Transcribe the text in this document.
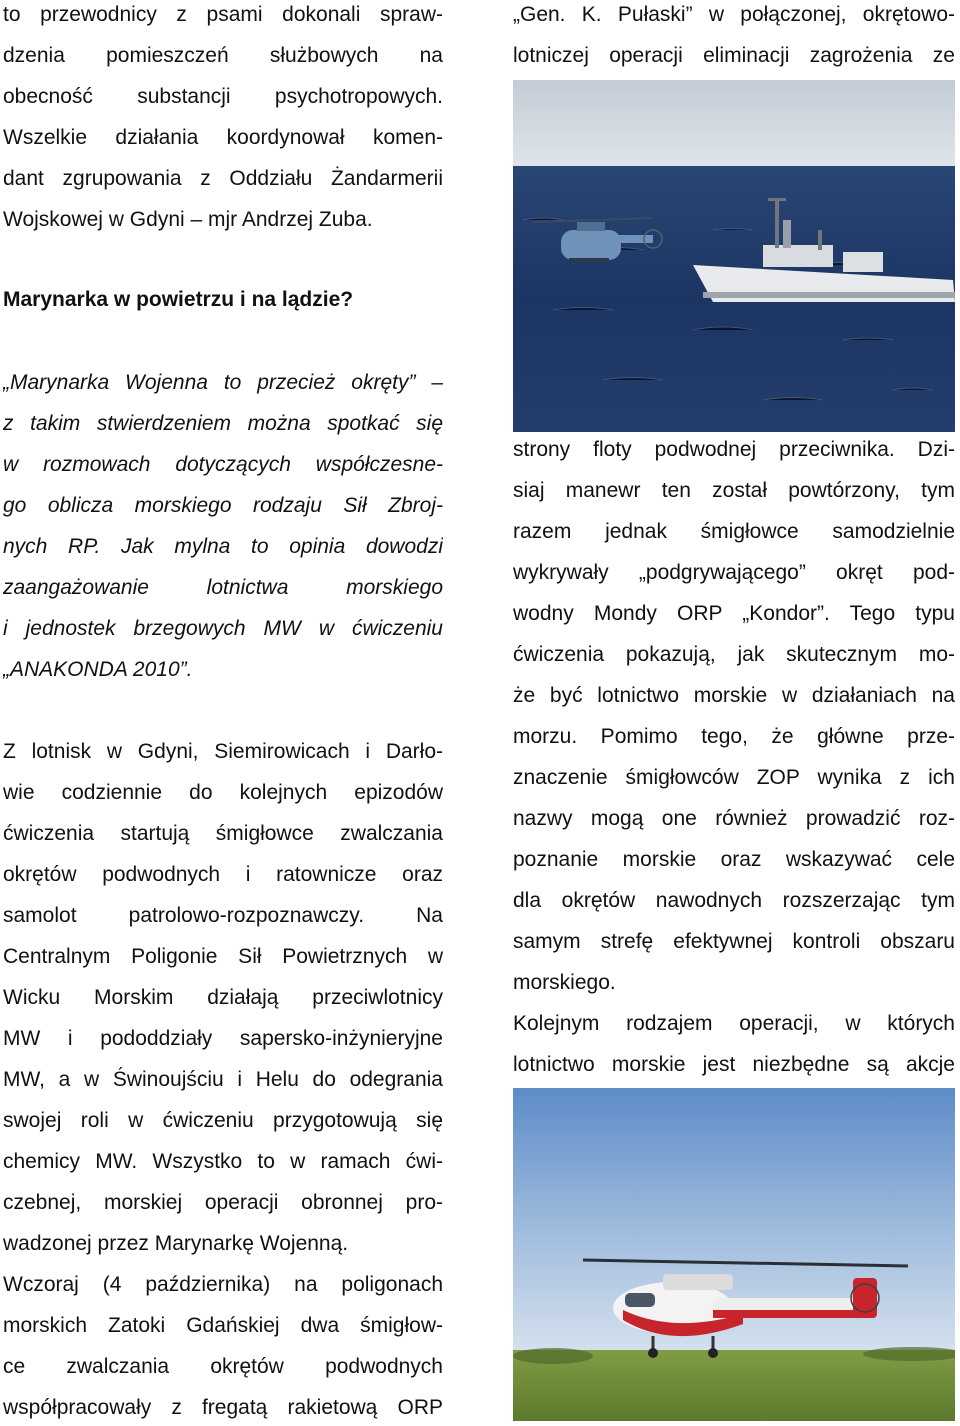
to przewodnicy z psami dokonali spraw-
dzenia pomieszczeń służbowych na
obecność substancji psychotropowych.
Wszelkie działania koordynował komen-
dant zgrupowania z Oddziału Żandarmerii
Wojskowej w Gdyni – mjr Andrzej Zuba.
Marynarka w powietrzu i na lądzie?
„Marynarka Wojenna to przecież okręty” –
z takim stwierdzeniem można spotkać się
w rozmowach dotyczących współczesne-
go oblicza morskiego rodzaju Sił Zbroj-
nych RP. Jak mylna to opinia dowodzi
zaangażowanie lotnictwa morskiego
i jednostek brzegowych MW w ćwiczeniu
„ANAKONDA 2010”.
Z lotnisk w Gdyni, Siemirowicach i Darło-
wie codziennie do kolejnych epizodów
ćwiczenia startują śmigłowce zwalczania
okrętów podwodnych i ratownicze oraz
samolot patrolowo-rozpoznawczy. Na
Centralnym Poligonie Sił Powietrznych w
Wicku Morskim działają przeciwlotnicy
MW i pododdziały sapersko-inżynieryjne
MW, a w Świnoujściu i Helu do odegrania
swojej roli w ćwiczeniu przygotowują się
chemicy MW. Wszystko to w ramach ćwi-
czebnej, morskiej operacji obronnej pro-
wadzonej przez Marynarkę Wojenną.
Wczoraj (4 października) na poligonach
morskich Zatoki Gdańskiej dwa śmigłow-
ce zwalczania okrętów podwodnych
współpracowały z fregatą rakietową ORP
„Gen. K. Pułaski” w połączonej, okrętowo-
lotniczej operacji eliminacji zagrożenia ze
strony floty podwodnej przeciwnika. Dzi-
siaj manewr ten został powtórzony, tym
razem jednak śmigłowce samodzielnie
wykrywały „podgrywającego” okręt pod-
wodny Mondy ORP „Kondor”. Tego typu
ćwiczenia pokazują, jak skutecznym mo-
że być lotnictwo morskie w działaniach na
morzu. Pomimo tego, że główne prze-
znaczenie śmigłowców ZOP wynika z ich
nazwy mogą one również prowadzić roz-
poznanie morskie oraz wskazywać cele
dla okrętów nawodnych rozszerzając tym
samym strefę efektywnej kontroli obszaru
morskiego.
Kolejnym rodzajem operacji, w których
lotnictwo morskie jest niezbędne są akcje
